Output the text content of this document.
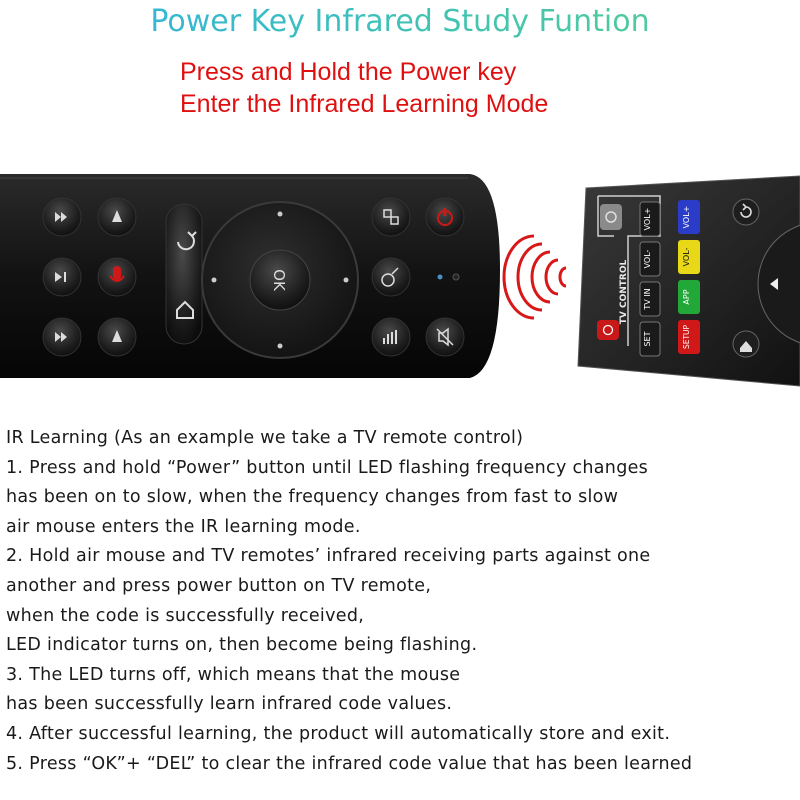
Power Key Infrared Study Funtion
Press and Hold the Power key
Enter the Infrared Learning Mode
OK	TV CONTROL
VOL+
VOL-
TV IN
SET
VOL+
VOL-
APP
SETUP
IR Learning (As an example we take a TV remote control)
1. Press and hold “Power” button until LED flashing frequency changes
has been on to slow, when the frequency changes from fast to slow
air mouse enters the IR learning mode.
2. Hold air mouse and TV remotes’ infrared receiving parts against one
another and press power button on TV remote,
when the code is successfully received,
LED indicator turns on, then become being flashing.
3. The LED turns off, which means that the mouse
has been successfully learn infrared code values.
4. After successful learning, the product will automatically store and exit.
5. Press “OK”+ “DEL” to clear the infrared code value that has been learned
